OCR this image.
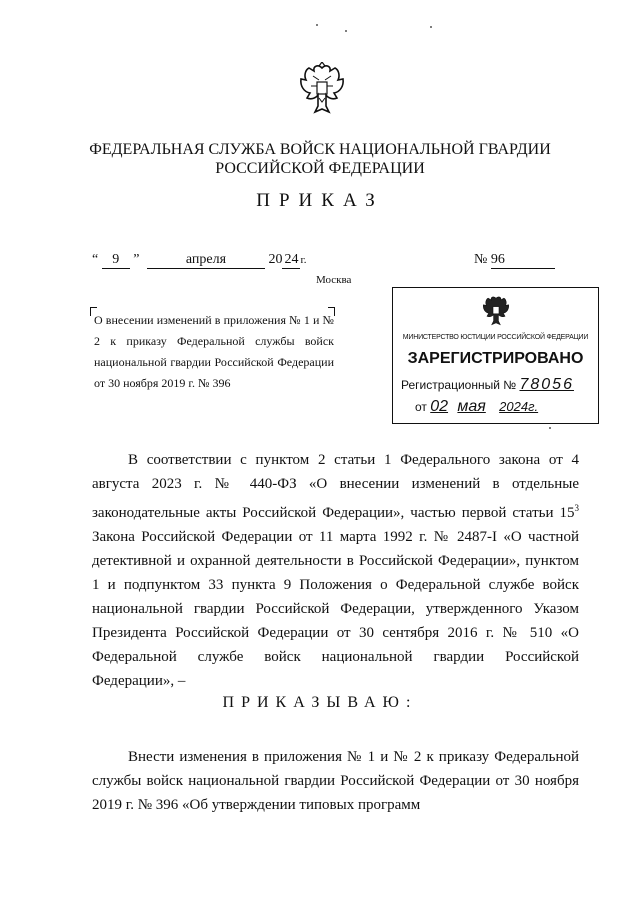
ФЕДЕРАЛЬНАЯ СЛУЖБА ВОЙСК НАЦИОНАЛЬНОЙ ГВАРДИИ
РОССИЙСКОЙ ФЕДЕРАЦИИ
ПРИКАЗ
“ 9 ”	апреля	20 24 г.	№ 96
Москва
О внесении изменений в приложения № 1 и № 2 к приказу Федеральной службы войск национальной гвардии Российской Федерации от 30 ноября 2019 г. № 396
МИНИСТЕРСТВО ЮСТИЦИИ РОССИЙСКОЙ ФЕДЕРАЦИИ
ЗАРЕГИСТРИРОВАНО
Регистрационный № 78056
от 02 мая 2024г.
В соответствии с пунктом 2 статьи 1 Федерального закона от 4 августа 2023 г. № 440-ФЗ «О внесении изменений в отдельные законодательные акты Российской Федерации», частью первой статьи $15^3$ Закона Российской Федерации от 11 марта 1992 г. № 2487-I «О частной детективной и охранной деятельности в Российской Федерации», пунктом 1 и подпунктом 33 пункта 9 Положения о Федеральной службе войск национальной гвардии Российской Федерации, утвержденного Указом Президента Российской Федерации от 30 сентября 2016 г. № 510 «О Федеральной службе войск национальной гвардии Российской Федерации», –
ПРИКАЗЫВАЮ:
Внести изменения в приложения № 1 и № 2 к приказу Федеральной службы войск национальной гвардии Российской Федерации от 30 ноября 2019 г. № 396 «Об утверждении типовых программ
